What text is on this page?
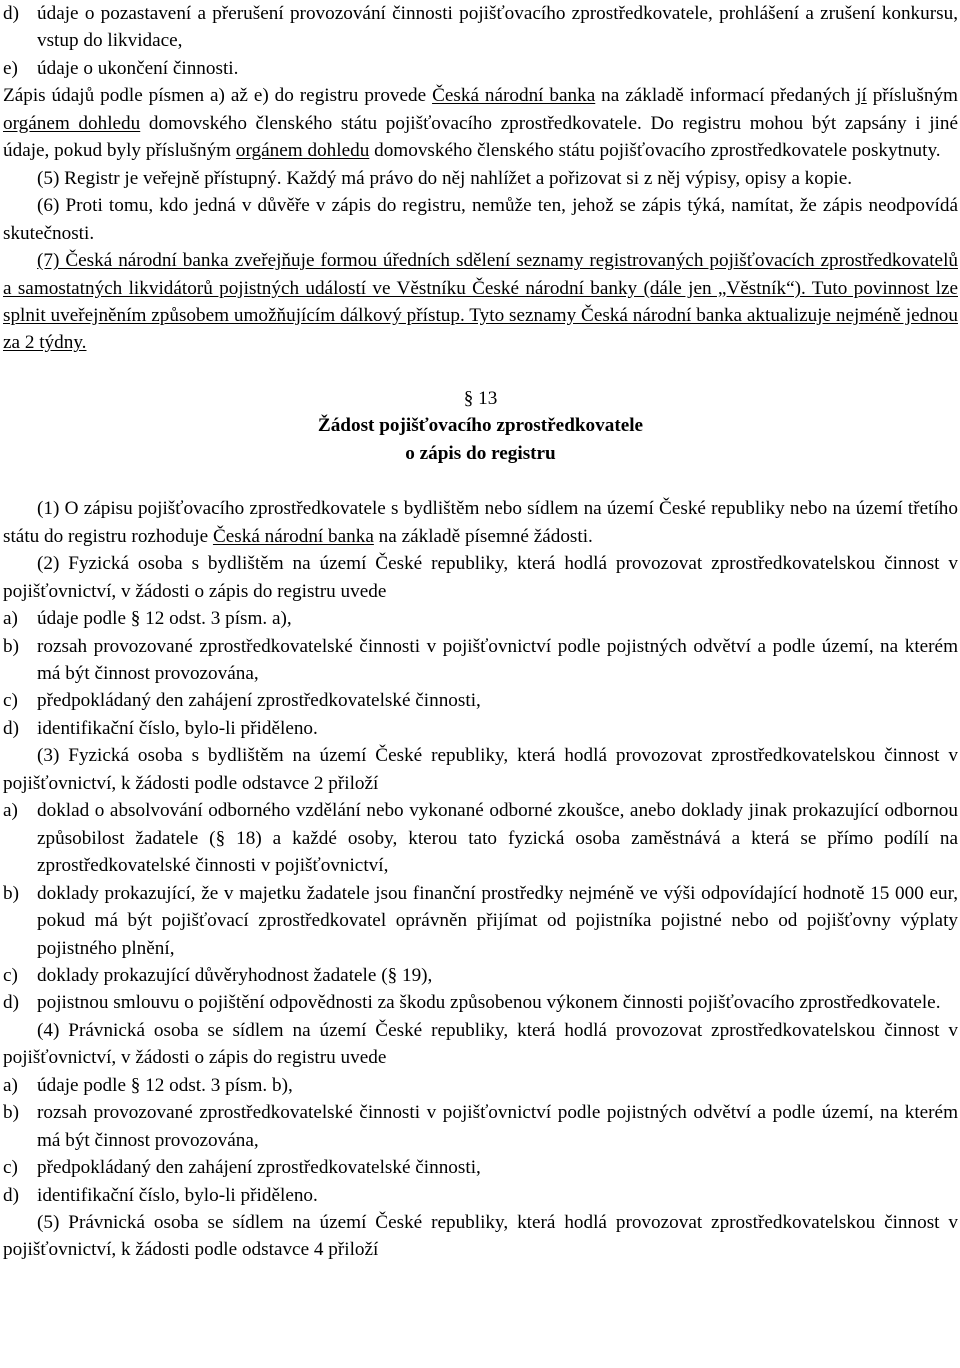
d) údaje o pozastavení a přerušení provozování činnosti pojišťovacího zprostředkovatele, prohlášení a zrušení konkursu, vstup do likvidace,
e) údaje o ukončení činnosti.

Zápis údajů podle písmen a) až e) do registru provede Česká národní banka na základě informací předaných jí příslušným orgánem dohledu domovského členského státu pojišťovacího zprostředkovatele. Do registru mohou být zapsány i jiné údaje, pokud byly příslušným orgánem dohledu domovského členského státu pojišťovacího zprostředkovatele poskytnuty.

(5) Registr je veřejně přístupný. Každý má právo do něj nahlížet a pořizovat si z něj výpisy, opisy a kopie.

(6) Proti tomu, kdo jedná v důvěře v zápis do registru, nemůže ten, jehož se zápis týká, namítat, že zápis neodpovídá skutečnosti.

(7) Česká národní banka zveřejňuje formou úředních sdělení seznamy registrovaných pojišťovacích zprostředkovatelů a samostatných likvidátorů pojistných událostí ve Věstníku České národní banky (dále jen „Věstník“). Tuto povinnost lze splnit uveřejněním způsobem umožňujícím dálkový přístup. Tyto seznamy Česká národní banka aktualizuje nejméně jednou za 2 týdny.

§ 13

Žádost pojišťovacího zprostředkovatele

o zápis do registru

(1) O zápisu pojišťovacího zprostředkovatele s bydlištěm nebo sídlem na území České republiky nebo na území třetího státu do registru rozhoduje Česká národní banka na základě písemné žádosti.

(2) Fyzická osoba s bydlištěm na území České republiky, která hodlá provozovat zprostředkovatelskou činnost v pojišťovnictví, v žádosti o zápis do registru uvede

a) údaje podle § 12 odst. 3 písm. a),
b) rozsah provozované zprostředkovatelské činnosti v pojišťovnictví podle pojistných odvětví a podle území, na kterém má být činnost provozována,
c) předpokládaný den zahájení zprostředkovatelské činnosti,
d) identifikační číslo, bylo-li přiděleno.

(3) Fyzická osoba s bydlištěm na území České republiky, která hodlá provozovat zprostředkovatelskou činnost v pojišťovnictví, k žádosti podle odstavce 2 přiloží

a) doklad o absolvování odborného vzdělání nebo vykonané odborné zkoušce, anebo doklady jinak prokazující odbornou způsobilost žadatele (§ 18) a každé osoby, kterou tato fyzická osoba zaměstnává a která se přímo podílí na zprostředkovatelské činnosti v pojišťovnictví,
b) doklady prokazující, že v majetku žadatele jsou finanční prostředky nejméně ve výši odpovídající hodnotě 15 000 eur, pokud má být pojišťovací zprostředkovatel oprávněn přijímat od pojistníka pojistné nebo od pojišťovny výplaty pojistného plnění,
c) doklady prokazující důvěryhodnost žadatele (§ 19),
d) pojistnou smlouvu o pojištění odpovědnosti za škodu způsobenou výkonem činnosti pojišťovacího zprostředkovatele.

(4) Právnická osoba se sídlem na území České republiky, která hodlá provozovat zprostředkovatelskou činnost v pojišťovnictví, v žádosti o zápis do registru uvede

a) údaje podle § 12 odst. 3 písm. b),
b) rozsah provozované zprostředkovatelské činnosti v pojišťovnictví podle pojistných odvětví a podle území, na kterém má být činnost provozována,
c) předpokládaný den zahájení zprostředkovatelské činnosti,
d) identifikační číslo, bylo-li přiděleno.

(5) Právnická osoba se sídlem na území České republiky, která hodlá provozovat zprostředkovatelskou činnost v pojišťovnictví, k žádosti podle odstavce 4 přiloží
